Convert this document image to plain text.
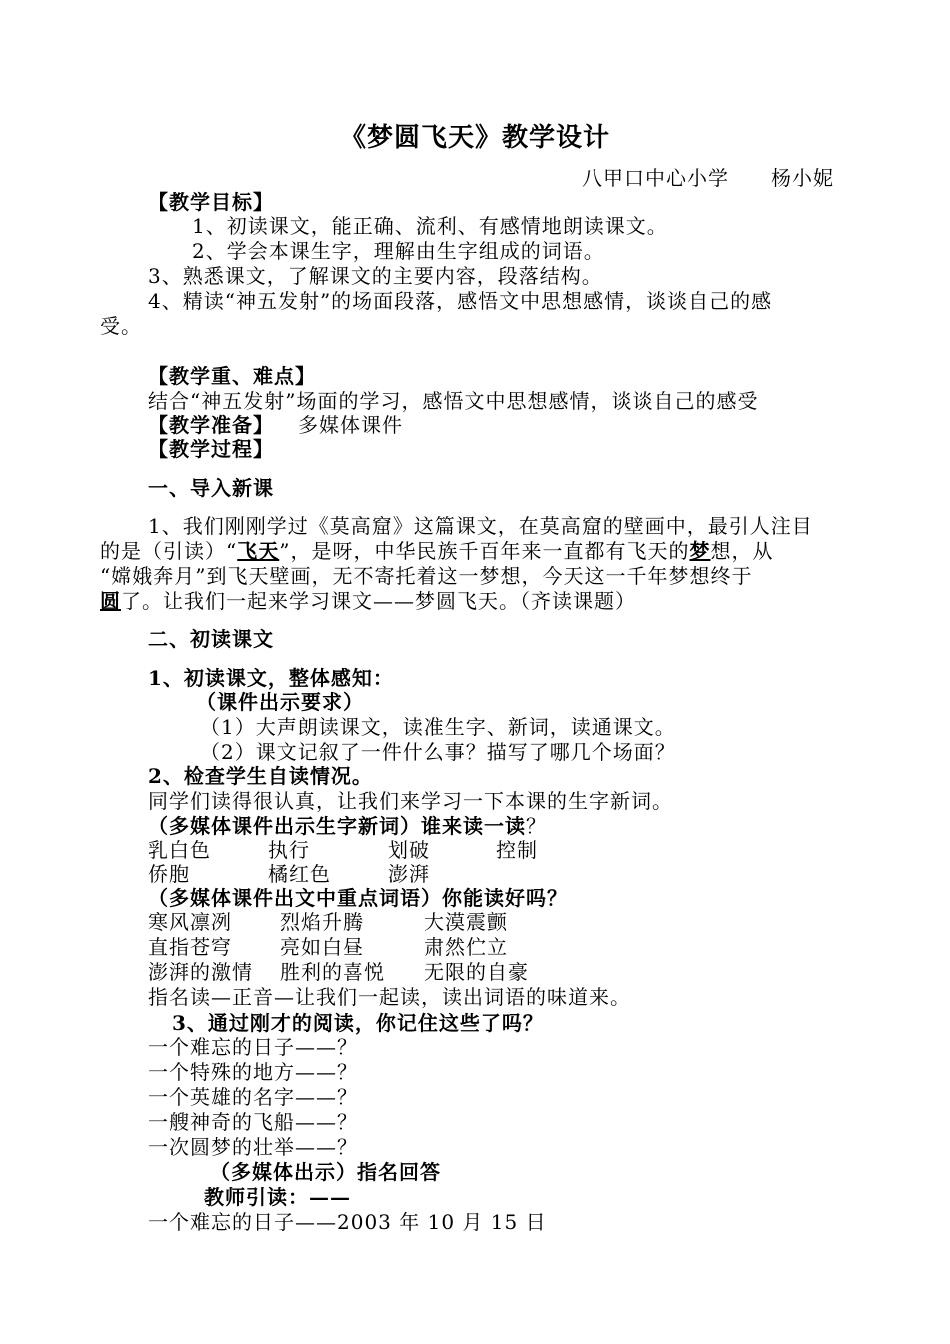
《梦圆飞天》教学设计
八甲口中心小学　　杨小妮
【教学目标】
1、初读课文，能正确、流利、有感情地朗读课文。
2、学会本课生字，理解由生字组成的词语。
3、熟悉课文，了解课文的主要内容，段落结构。
4、精读“神五发射”的场面段落，感悟文中思想感情，谈谈自己的感
受。
【教学重、难点】
结合“神五发射”场面的学习，感悟文中思想感情，谈谈自己的感受
【教学准备】 多媒体课件
【教学过程】
一、导入新课
1、我们刚刚学过《莫高窟》这篇课文，在莫高窟的壁画中，最引人注目
的是（引读）“飞天”，是呀，中华民族千百年来一直都有飞天的梦想，从
“嫦娥奔月”到飞天壁画，无不寄托着这一梦想，今天这一千年梦想终于
圆了。让我们一起来学习课文——梦圆飞天。（齐读课题）
二、初读课文
1、初读课文，整体感知：
（课件出示要求）
（1）大声朗读课文，读准生字、新词，读通课文。
（2）课文记叙了一件什么事？描写了哪几个场面？
2、检查学生自读情况。
同学们读得很认真，让我们来学习一下本课的生字新词。
（多媒体课件出示生字新词）谁来读一读？
乳白色	执行	划破	控制
侨胞	橘红色	澎湃
（多媒体课件出文中重点词语）你能读好吗？
寒风凛冽 烈焰升腾	大漠震颤
直指苍穹 亮如白昼	肃然伫立
澎湃的激情 胜利的喜悦 无限的自豪
指名读—正音—让我们一起读，读出词语的味道来。
3、通过刚才的阅读，你记住这些了吗？
一个难忘的日子——？
一个特殊的地方——？
一个英雄的名字——？
一艘神奇的飞船——？
一次圆梦的壮举——？
（多媒体出示）指名回答
教师引读：——
一个难忘的日子——2003 年 10 月 15 日
